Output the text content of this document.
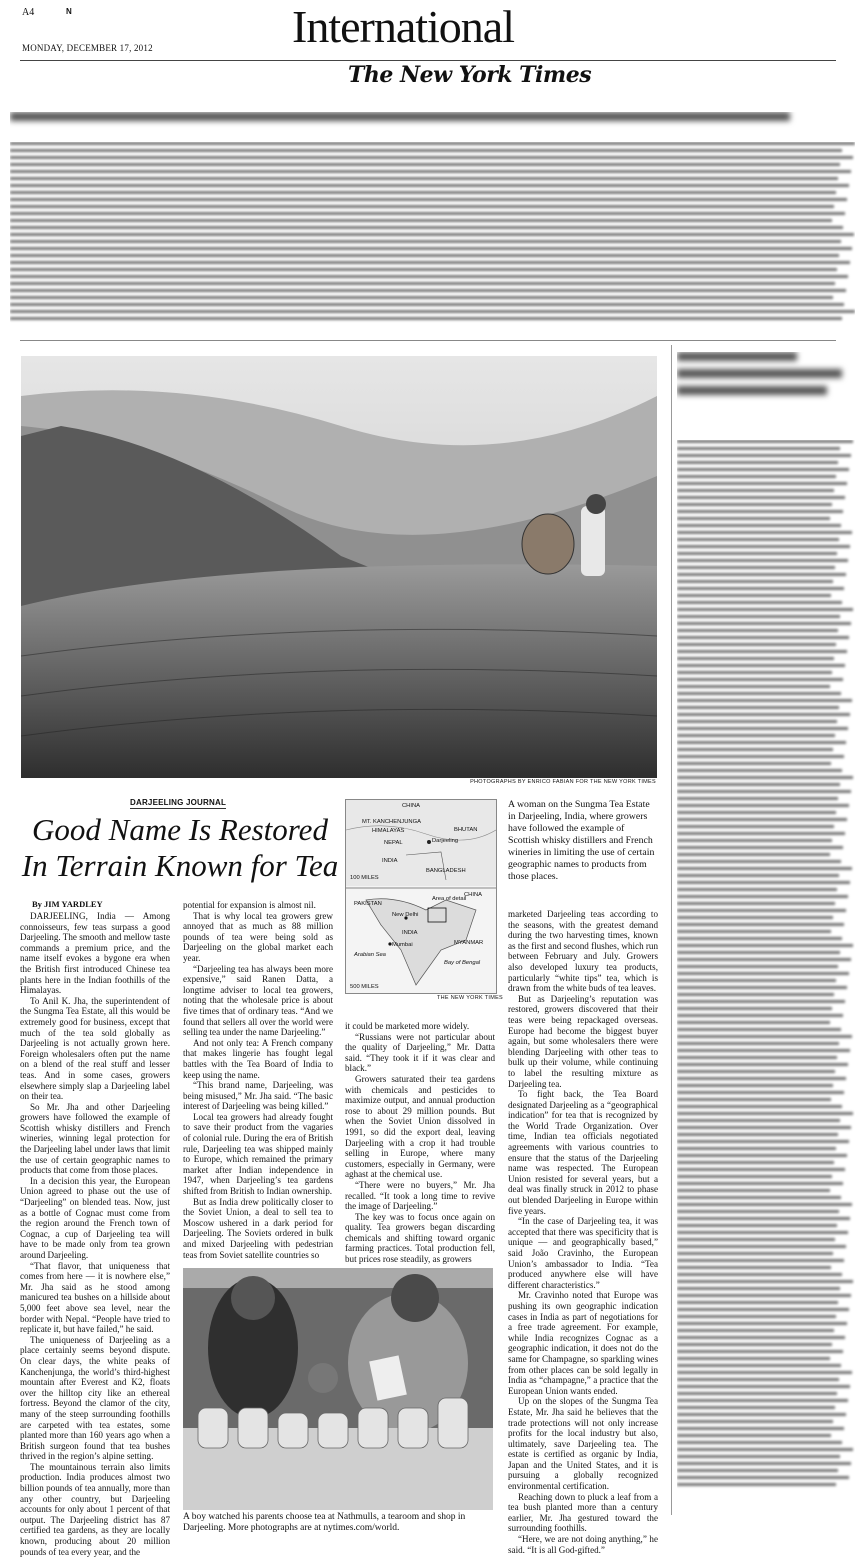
A4	N	International
MONDAY, DECEMBER 17, 2012
The New York Times
PHOTOGRAPHS BY ENRICO FABIAN FOR THE NEW YORK TIMES
DARJEELING JOURNAL
Good Name Is Restored In Terrain Known for Tea
By JIM YARDLEY

DARJEELING, India — Among connoisseurs, few teas surpass a good Darjeeling. The smooth and mellow taste commands a premium price, and the name itself evokes a bygone era when the British first introduced Chinese tea plants here in the Indian foothills of the Himalayas.

To Anil K. Jha, the superintendent of the Sungma Tea Estate, all this would be extremely good for business, except that much of the tea sold globally as Darjeeling is not actually grown here. Foreign wholesalers often put the name on a blend of the real stuff and lesser teas. And in some cases, growers elsewhere simply slap a Darjeeling label on their tea.

So Mr. Jha and other Darjeeling growers have followed the example of Scottish whisky distillers and French wineries, winning legal protection for the Darjeeling label under laws that limit the use of certain geographic names to products that come from those places.

In a decision this year, the European Union agreed to phase out the use of “Darjeeling” on blended teas. Now, just as a bottle of Cognac must come from the region around the French town of Cognac, a cup of Darjeeling tea will have to be made only from tea grown around Darjeeling.

“That flavor, that uniqueness that comes from here — it is nowhere else,” Mr. Jha said as he stood among manicured tea bushes on a hillside about 5,000 feet above sea level, near the border with Nepal. “People have tried to replicate it, but have failed,” he said.

The uniqueness of Darjeeling as a place certainly seems beyond dispute. On clear days, the white peaks of Kanchenjunga, the world’s third-highest mountain after Everest and K2, floats over the hilltop city like an ethereal fortress. Beyond the clamor of the city, many of the steep surrounding foothills are carpeted with tea estates, some planted more than 160 years ago when a British surgeon found that tea bushes thrived in the region’s alpine setting.

The mountainous terrain also limits production. India produces almost two billion pounds of tea annually, more than any other country, but Darjeeling accounts for only about 1 percent of that output. The Darjeeling district has 87 certified tea gardens, as they are locally known, producing about 20 million pounds of tea every year, and the

potential for expansion is almost nil.

That is why local tea growers grew annoyed that as much as 88 million pounds of tea were being sold as Darjeeling on the global market each year.

“Darjeeling tea has always been more expensive,” said Ranen Datta, a longtime adviser to local tea growers, noting that the wholesale price is about five times that of ordinary teas. “And we found that sellers all over the world were selling tea under the name Darjeeling.”

And not only tea: A French company that makes lingerie has fought legal battles with the Tea Board of India to keep using the name.

“This brand name, Darjeeling, was being misused,” Mr. Jha said. “The basic interest of Darjeeling was being killed.”

Local tea growers had already fought to save their product from the vagaries of colonial rule. During the era of British rule, Darjeeling tea was shipped mainly to Europe, which remained the primary market after Indian independence in 1947, when Darjeeling’s tea gardens shifted from British to Indian ownership.

But as India drew politically closer to the Soviet Union, a deal to sell tea to Moscow ushered in a dark period for Darjeeling. The Soviets ordered in bulk and mixed Darjeeling with pedestrian teas from Soviet satellite countries so

CHINA
MT. KANCHENJUNGA
HIMALAYAS
NEPAL
BHUTAN
Darjeeling
INDIA
BANGLADESH
100 MILES
PAKISTAN
Area of detail
CHINA
New Delhi
INDIA
Mumbai
Arabian Sea
MYANMAR
Bay of Bengal
500 MILES
THE NEW YORK TIMES
A woman on the Sungma Tea Estate in Darjeeling, India, where growers have followed the example of Scottish whisky distillers and French wineries in limiting the use of certain geographic names to products from those places.

it could be marketed more widely.

“Russians were not particular about the quality of Darjeeling,” Mr. Datta said. “They took it if it was clear and black.”

Growers saturated their tea gardens with chemicals and pesticides to maximize output, and annual production rose to about 29 million pounds. But when the Soviet Union dissolved in 1991, so did the export deal, leaving Darjeeling with a crop it had trouble selling in Europe, where many customers, especially in Germany, were aghast at the chemical use.

“There were no buyers,” Mr. Jha recalled. “It took a long time to revive the image of Darjeeling.”

The key was to focus once again on quality. Tea growers began discarding chemicals and shifting toward organic farming practices. Total production fell, but prices rose steadily, as growers

marketed Darjeeling teas according to the seasons, with the greatest demand during the two harvesting times, known as the first and second flushes, which run between February and July. Growers also developed luxury tea products, particularly “white tips” tea, which is drawn from the white buds of tea leaves.

But as Darjeeling’s reputation was restored, growers discovered that their teas were being repackaged overseas. Europe had become the biggest buyer again, but some wholesalers there were blending Darjeeling with other teas to bulk up their volume, while continuing to label the resulting mixture as Darjeeling tea.

To fight back, the Tea Board designated Darjeeling as a “geographical indication” for tea that is recognized by the World Trade Organization. Over time, Indian tea officials negotiated agreements with various countries to ensure that the status of the Darjeeling name was respected. The European Union resisted for several years, but a deal was finally struck in 2012 to phase out blended Darjeeling in Europe within five years.

“In the case of Darjeeling tea, it was accepted that there was specificity that is unique — and geographically based,” said João Cravinho, the European Union’s ambassador to India. “Tea produced anywhere else will have different characteristics.”

Mr. Cravinho noted that Europe was pushing its own geographic indication cases in India as part of negotiations for a free trade agreement. For example, while India recognizes Cognac as a geographic indication, it does not do the same for Champagne, so sparkling wines from other places can be sold legally in India as “champagne,” a practice that the European Union wants ended.

Up on the slopes of the Sungma Tea Estate, Mr. Jha said he believes that the trade protections will not only increase profits for the local industry but also, ultimately, save Darjeeling tea. The estate is certified as organic by India, Japan and the United States, and it is pursuing a globally recognized environmental certification.

Reaching down to pluck a leaf from a tea bush planted more than a century earlier, Mr. Jha gestured toward the surrounding foothills.

“Here, we are not doing anything,” he said. “It is all God-gifted.”

A boy watched his parents choose tea at Nathmulls, a tearoom and shop in Darjeeling. More photographs are at nytimes.com/world.
